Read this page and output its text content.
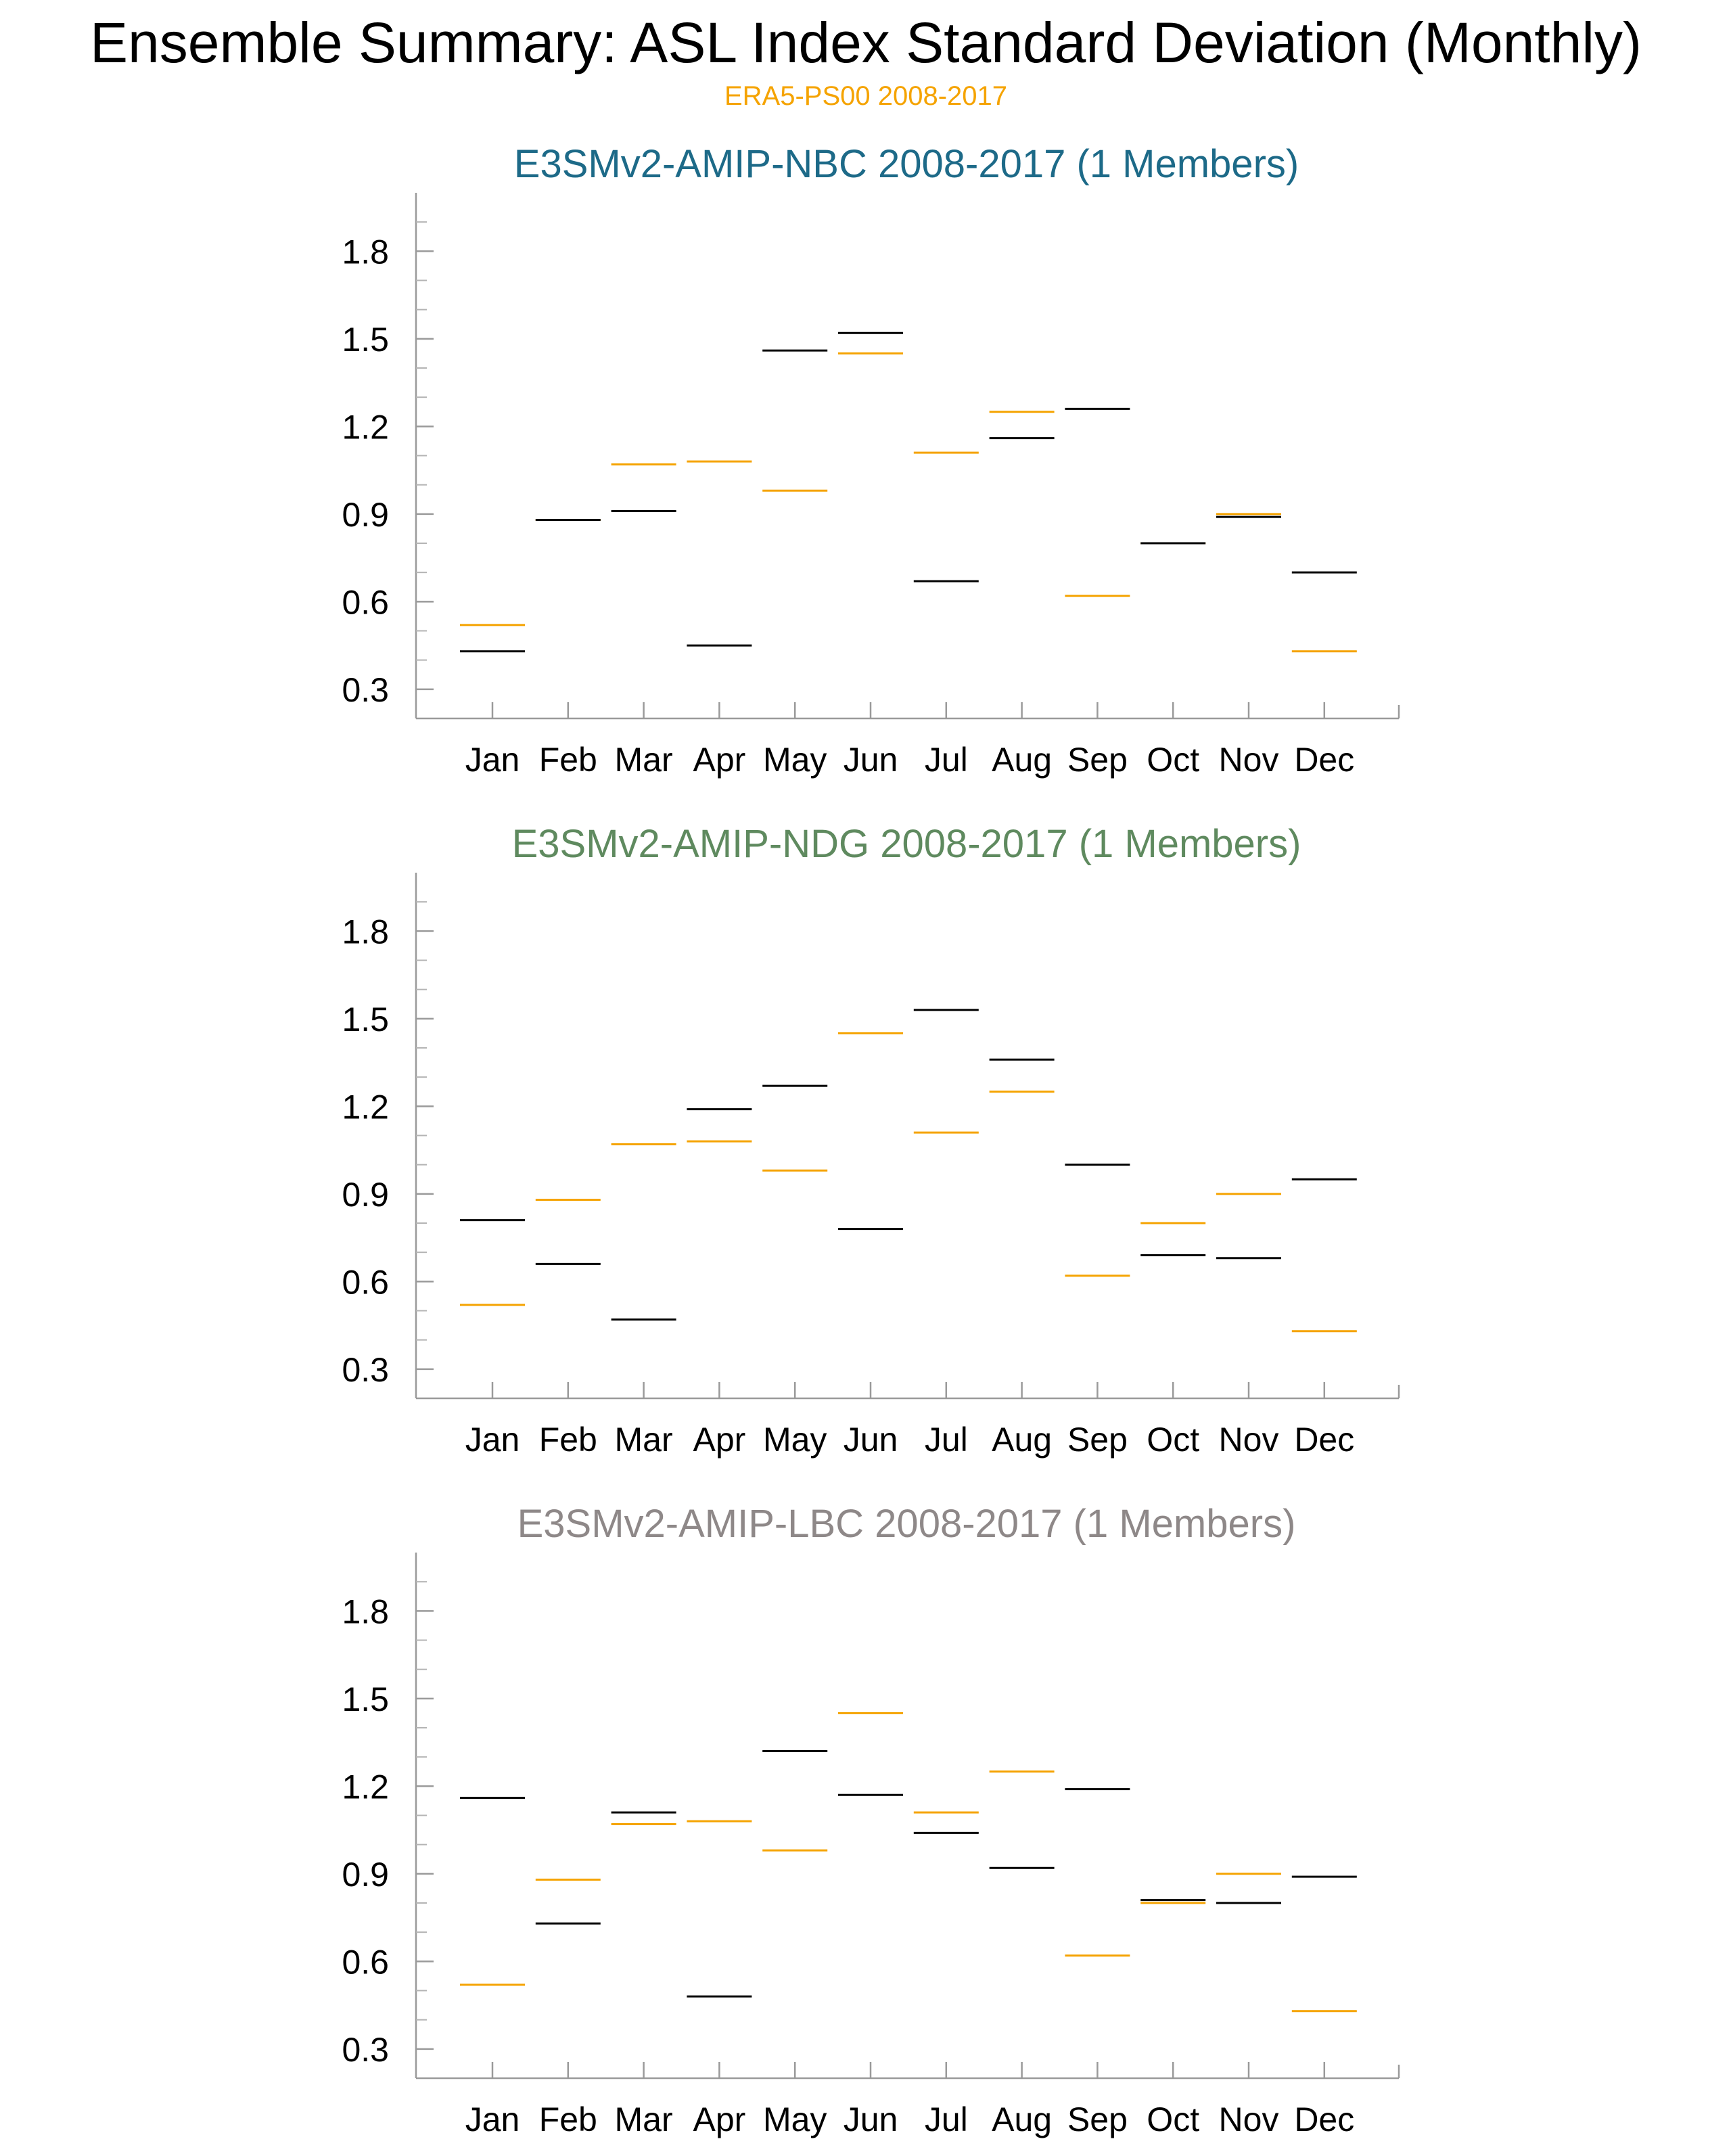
Ensemble Summary: ASL Index Standard Deviation (Monthly)
ERA5-PS00 2008-2017
E3SMv2-AMIP-NBC 2008-2017 (1 Members)
0.3
0.6
0.9
1.2
1.5
1.8
Jan Feb Mar Apr May Jun Jul Aug Sep Oct Nov Dec
E3SMv2-AMIP-NDG 2008-2017 (1 Members)
0.3
0.6
0.9
1.2
1.5
1.8
Jan Feb Mar Apr May Jun Jul Aug Sep Oct Nov Dec
E3SMv2-AMIP-LBC 2008-2017 (1 Members)
0.3
0.6
0.9
1.2
1.5
1.8
Jan Feb Mar Apr May Jun Jul Aug Sep Oct Nov Dec
